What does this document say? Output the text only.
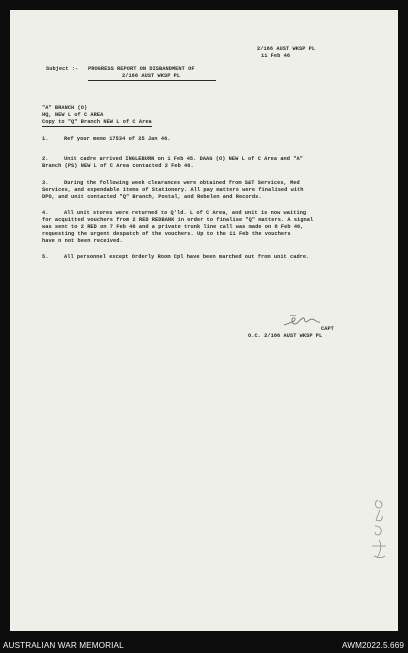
2/166 AUST WKSP PL
11 Feb 46
Subject :- PROGRESS REPORT ON DISBANDMENT OF
2/166 AUST WKSP PL
"A" BRANCH (O)
HQ, NEW L of C AREA
Copy to "Q" Branch NEW L of C Area
1.	Ref your memo 17534 of 25 Jan 46.
2.	Unit cadre arrived INGLEBURN on 1 Feb 45. DAAG (O) NEW L of C Area and "A"
Branch (PS) NEW L of C Area contacted 2 Feb 46.
3.	During the following week clearances were obtained from S&T Services, Med
Services, and expendable items of Stationery. All pay matters were finalised with
DPO, and unit contacted "Q" Branch, Postal, and Rebelen and Records.
4.	All unit stores were returned to Q'ld. L of C Area, and unit is now waiting
for acquitted vouchers from 2 RED REDBANK in order to finalise "Q" matters. A signal
was sent to 2 RED on 7 Feb 46 and a private trunk line call was made on 8 Feb 46,
requesting the urgent despatch of the vouchers. Up to the 11 Feb the vouchers
have n not been received.
5.	All personnel except Orderly Room Cpl have been marched out from unit cadre.
CAPT
O.C. 2/166 AUST WKSP PL
AUSTRALIAN WAR MEMORIAL	AWM2022.5.669
